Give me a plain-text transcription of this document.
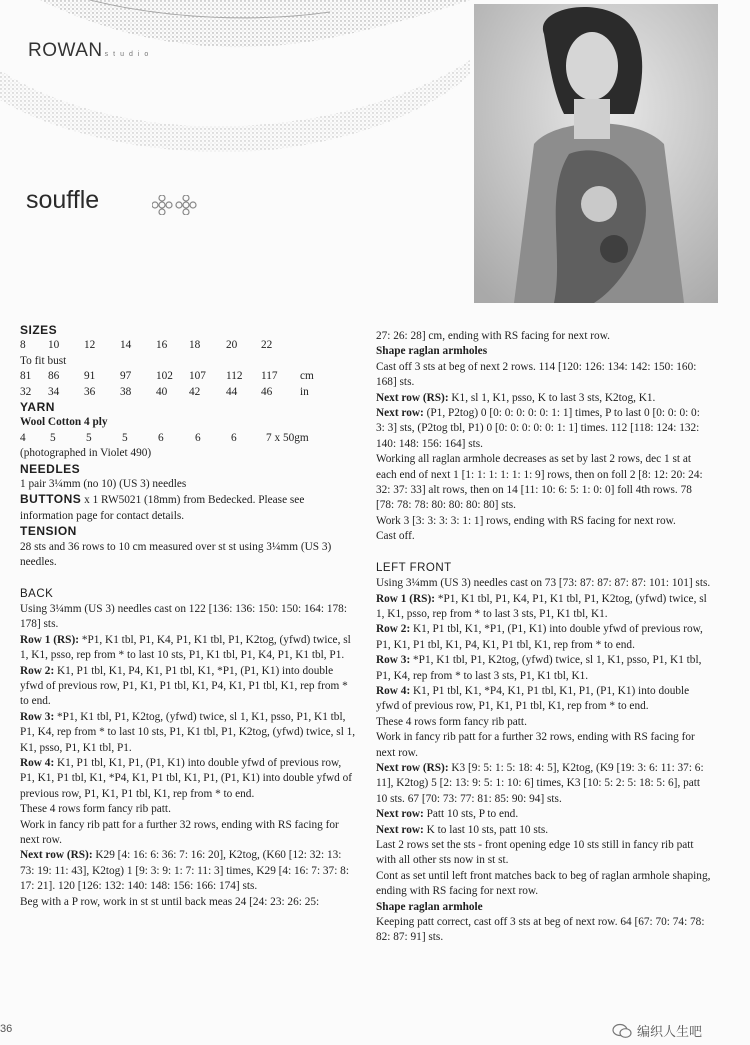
ROWAN studio
souffle

SIZES

8	10	12	14	16	18	20	22

To fit bust

81	86	91	97	102	107	112	117	cm
32	34	36	38	40	42	44	46	in

YARN

Wool Cotton 4 ply

4	5	5	5	6	6	6	7 x 50gm

(photographed in Violet 490)

NEEDLES

1 pair 3¼mm (no 10) (US 3) needles

BUTTONS x 1 RW5021 (18mm) from Bedecked. Please see information page for contact details.

TENSION

28 sts and 36 rows to 10 cm measured over st st using 3¼mm (US 3) needles.

BACK

Using 3¼mm (US 3) needles cast on 122 [136: 136: 150: 150: 164: 178: 178] sts.

Row 1 (RS): *P1, K1 tbl, P1, K4, P1, K1 tbl, P1, K2tog, (yfwd) twice, sl 1, K1, psso, rep from * to last 10 sts, P1, K1 tbl, P1, K4, P1, K1 tbl, P1.

Row 2: K1, P1 tbl, K1, P4, K1, P1 tbl, K1, *P1, (P1, K1) into double yfwd of previous row, P1, K1, P1 tbl, K1, P4, K1, P1 tbl, K1, rep from * to end.

Row 3: *P1, K1 tbl, P1, K2tog, (yfwd) twice, sl 1, K1, psso, P1, K1 tbl, P1, K4, rep from * to last 10 sts, P1, K1 tbl, P1, K2tog, (yfwd) twice, sl 1, K1, psso, P1, K1 tbl, P1.

Row 4: K1, P1 tbl, K1, P1, (P1, K1) into double yfwd of previous row, P1, K1, P1 tbl, K1, *P4, K1, P1 tbl, K1, P1, (P1, K1) into double yfwd of previous row, P1, K1, P1 tbl, K1, rep from * to end.

These 4 rows form fancy rib patt.

Work in fancy rib patt for a further 32 rows, ending with RS facing for next row.

Next row (RS): K29 [4: 16: 6: 36: 7: 16: 20], K2tog, (K60 [12: 32: 13: 73: 19: 11: 43], K2tog) 1 [9: 3: 9: 1: 7: 11: 3] times, K29 [4: 16: 7: 37: 8: 17: 21]. 120 [126: 132: 140: 148: 156: 166: 174] sts.

Beg with a P row, work in st st until back meas 24 [24: 23: 26: 25:

27: 26: 28] cm, ending with RS facing for next row.

Shape raglan armholes

Cast off 3 sts at beg of next 2 rows. 114 [120: 126: 134: 142: 150: 160: 168] sts.

Next row (RS): K1, sl 1, K1, psso, K to last 3 sts, K2tog, K1.

Next row: (P1, P2tog) 0 [0: 0: 0: 0: 0: 1: 1] times, P to last 0 [0: 0: 0: 0: 3: 3] sts, (P2tog tbl, P1) 0 [0: 0: 0: 0: 0: 1: 1] times. 112 [118: 124: 132: 140: 148: 156: 164] sts.

Working all raglan armhole decreases as set by last 2 rows, dec 1 st at each end of next 1 [1: 1: 1: 1: 1: 1: 9] rows, then on foll 2 [8: 12: 20: 24: 32: 37: 33] alt rows, then on 14 [11: 10: 6: 5: 1: 0: 0] foll 4th rows. 78 [78: 78: 78: 80: 80: 80: 80] sts.

Work 3 [3: 3: 3: 3: 1: 1] rows, ending with RS facing for next row.

Cast off.

LEFT FRONT

Using 3¼mm (US 3) needles cast on 73 [73: 87: 87: 87: 87: 101: 101] sts.

Row 1 (RS): *P1, K1 tbl, P1, K4, P1, K1 tbl, P1, K2tog, (yfwd) twice, sl 1, K1, psso, rep from * to last 3 sts, P1, K1 tbl, K1.

Row 2: K1, P1 tbl, K1, *P1, (P1, K1) into double yfwd of previous row, P1, K1, P1 tbl, K1, P4, K1, P1 tbl, K1, rep from * to end.

Row 3: *P1, K1 tbl, P1, K2tog, (yfwd) twice, sl 1, K1, psso, P1, K1 tbl, P1, K4, rep from * to last 3 sts, P1, K1 tbl, K1.

Row 4: K1, P1 tbl, K1, *P4, K1, P1 tbl, K1, P1, (P1, K1) into double yfwd of previous row, P1, K1, P1 tbl, K1, rep from * to end.

These 4 rows form fancy rib patt.

Work in fancy rib patt for a further 32 rows, ending with RS facing for next row.

Next row (RS): K3 [9: 5: 1: 5: 18: 4: 5], K2tog, (K9 [19: 3: 6: 11: 37: 6: 11], K2tog) 5 [2: 13: 9: 5: 1: 10: 6] times, K3 [10: 5: 2: 5: 18: 5: 6], patt 10 sts. 67 [70: 73: 77: 81: 85: 90: 94] sts.

Next row: Patt 10 sts, P to end.

Next row: K to last 10 sts, patt 10 sts.

Last 2 rows set the sts - front opening edge 10 sts still in fancy rib patt with all other sts now in st st.

Cont as set until left front matches back to beg of raglan armhole shaping, ending with RS facing for next row.

Shape raglan armhole

Keeping patt correct, cast off 3 sts at beg of next row. 64 [67: 70: 74: 78: 82: 87: 91] sts.

36	编织人生吧
